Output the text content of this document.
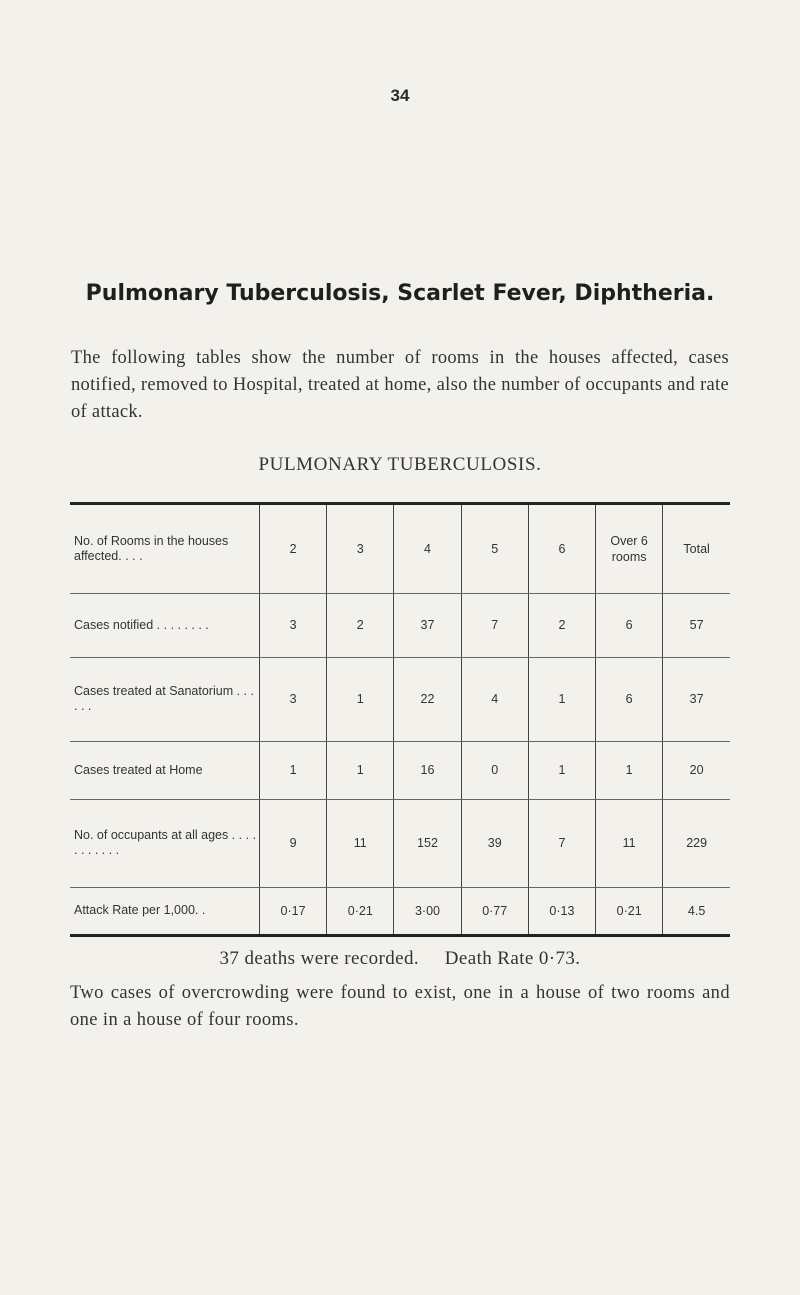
34
Pulmonary Tuberculosis, Scarlet Fever, Diphtheria.

The following tables show the number of rooms in the houses affected, cases notified, removed to Hospital, treated at home, also the number of occupants and rate of attack.

PULMONARY TUBERCULOSIS.
No. of Rooms in the houses affected. . . .	2	3	4	5	6	Over 6 rooms	Total
Cases notified . . . . . . . .	3	2	37	7	2	6	57
Cases treated at Sanatorium . . . . . .	3	1	22	4	1	6	37
Cases treated at Home	1	1	16	0	1	1	20
No. of occupants at all ages . . . . . . . . . . .	9	11	152	39	7	11	229
Attack Rate per 1,000. .	0·17	0·21	3·00	0·77	0·13	0·21	4.5
37 deaths were recorded.     Death Rate 0·73.

Two cases of overcrowding were found to exist, one in a house of two rooms and one in a house of four rooms.
